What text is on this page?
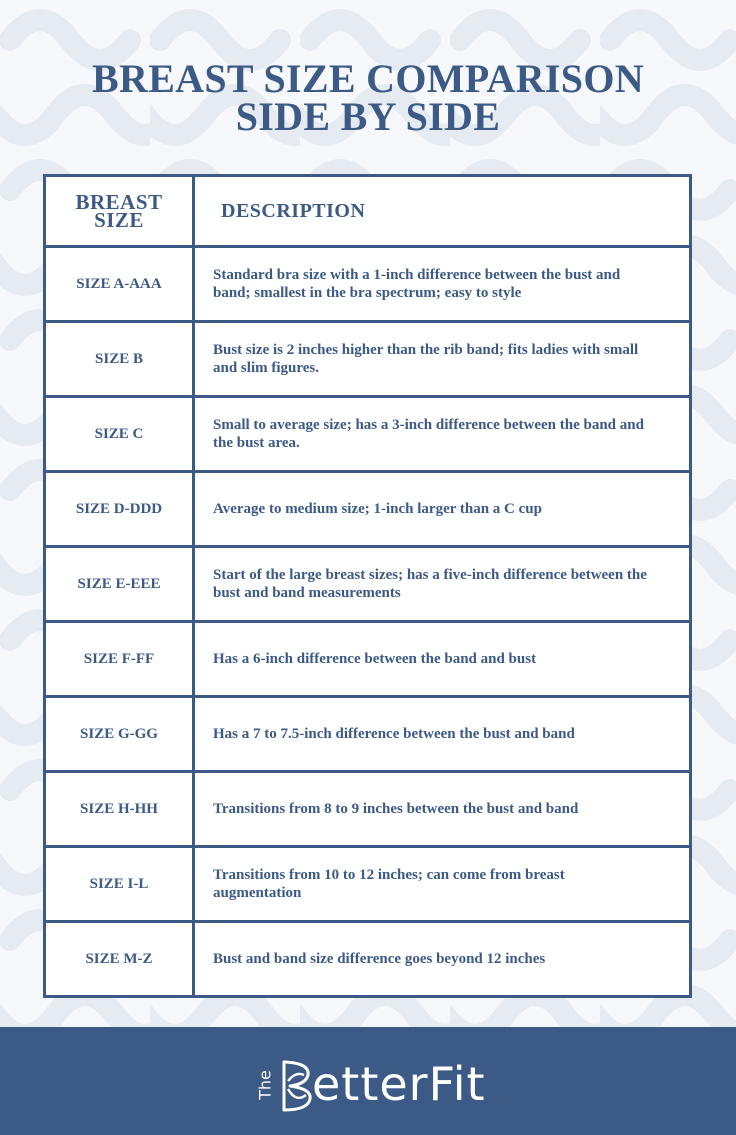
BREAST SIZE COMPARISON
SIDE BY SIDE
BREAST
SIZE	DESCRIPTION
SIZE A-AAA	Standard bra size with a 1-inch difference between the bust and band; smallest in the bra spectrum; easy to style
SIZE B	Bust size is 2 inches higher than the rib band; fits ladies with small and slim figures.
SIZE C	Small to average size; has a 3-inch difference between the band and the bust area.
SIZE D-DDD	Average to medium size; 1-inch larger than a C cup
SIZE E-EEE	Start of the large breast sizes; has a five-inch difference between the bust and band measurements
SIZE F-FF	Has a 6-inch difference between the band and bust
SIZE G-GG	Has a 7 to 7.5-inch difference between the bust and band
SIZE H-HH	Transitions from 8 to 9 inches between the bust and band
SIZE I-L	Transitions from 10 to 12 inches; can come from breast augmentation
SIZE M-Z	Bust and band size difference goes beyond 12 inches
The etterFit
